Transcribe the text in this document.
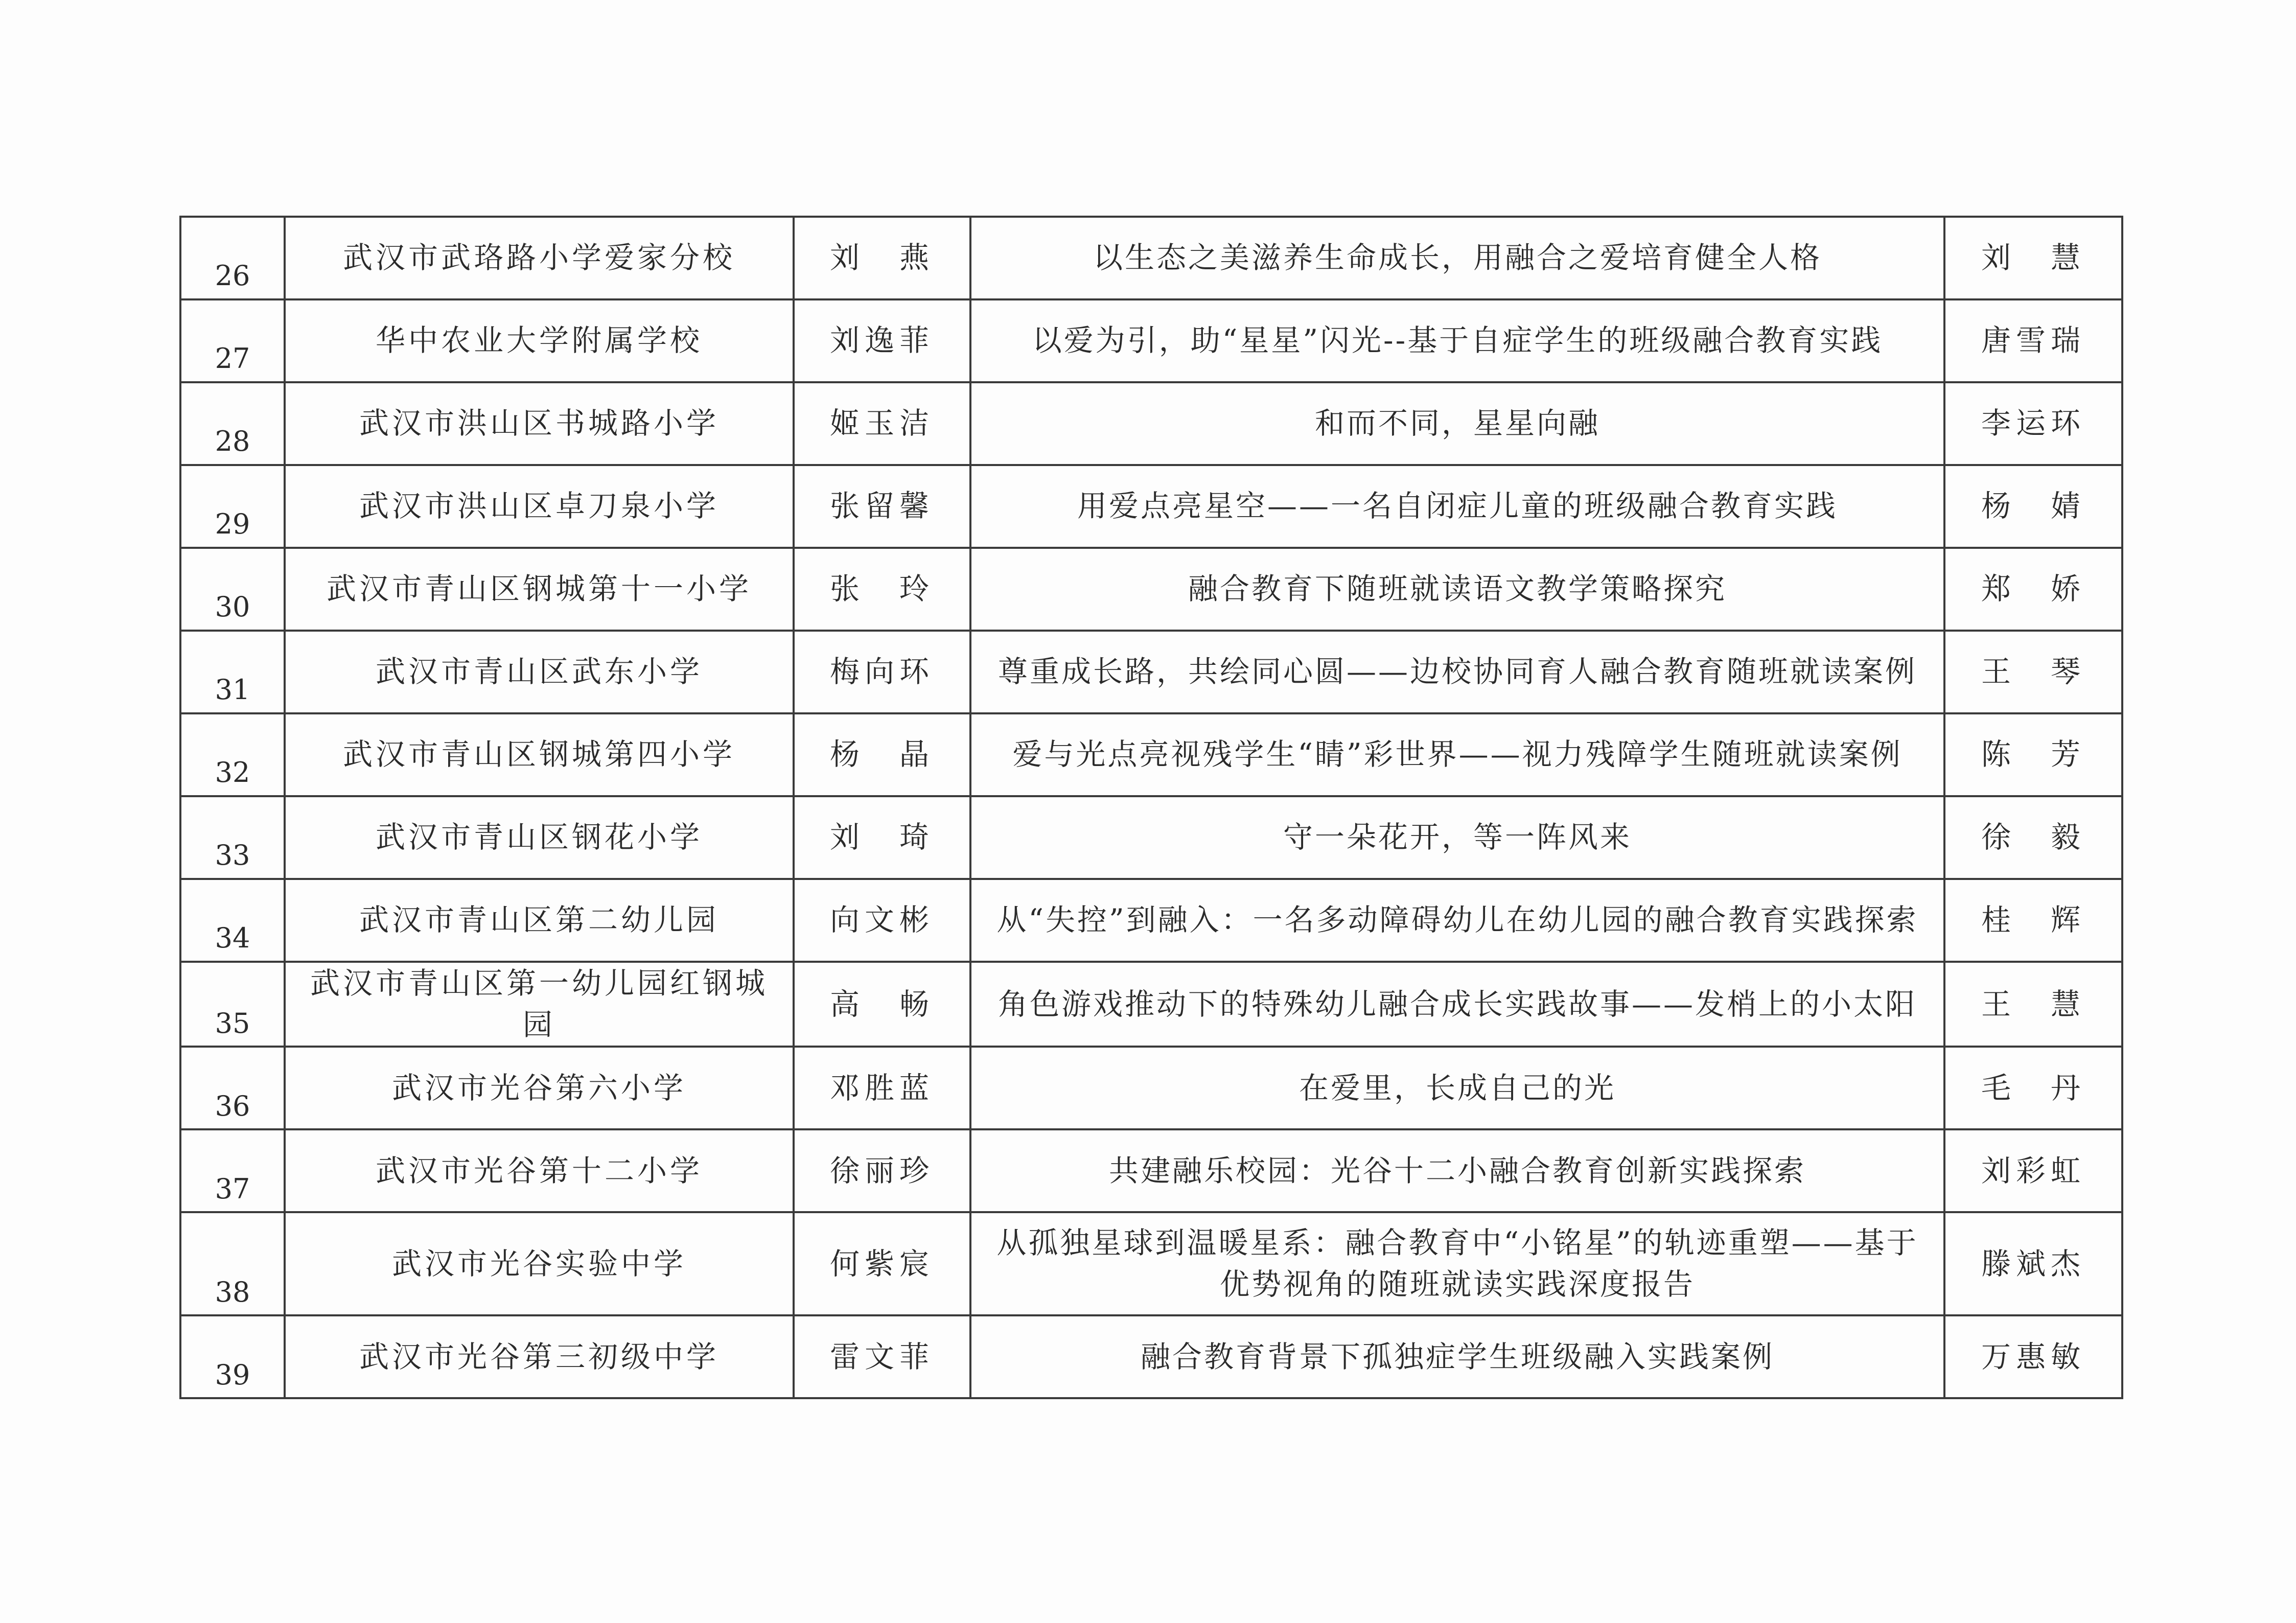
26	武汉市武珞路小学爱家分校	刘　燕	以生态之美滋养生命成长，用融合之爱培育健全人格	刘　慧
27	华中农业大学附属学校	刘逸菲	以爱为引，助“星星”闪光--基于自症学生的班级融合教育实践	唐雪瑞
28	武汉市洪山区书城路小学	姬玉洁	和而不同，星星向融	李运环
29	武汉市洪山区卓刀泉小学	张留馨	用爱点亮星空——一名自闭症儿童的班级融合教育实践	杨　婧
30	武汉市青山区钢城第十一小学	张　玲	融合教育下随班就读语文教学策略探究	郑　娇
31	武汉市青山区武东小学	梅向环	尊重成长路，共绘同心圆——边校协同育人融合教育随班就读案例	王　琴
32	武汉市青山区钢城第四小学	杨　晶	爱与光点亮视残学生“睛”彩世界——视力残障学生随班就读案例	陈　芳
33	武汉市青山区钢花小学	刘　琦	守一朵花开，等一阵风来	徐　毅
34	武汉市青山区第二幼儿园	向文彬	从“失控”到融入：一名多动障碍幼儿在幼儿园的融合教育实践探索	桂　辉
35	武汉市青山区第一幼儿园红钢城园	高　畅	角色游戏推动下的特殊幼儿融合成长实践故事——发梢上的小太阳	王　慧
36	武汉市光谷第六小学	邓胜蓝	在爱里，长成自己的光	毛　丹
37	武汉市光谷第十二小学	徐丽珍	共建融乐校园：光谷十二小融合教育创新实践探索	刘彩虹
38	武汉市光谷实验中学	何紫宸	从孤独星球到温暖星系：融合教育中“小铭星”的轨迹重塑——基于优势视角的随班就读实践深度报告	滕斌杰
39	武汉市光谷第三初级中学	雷文菲	融合教育背景下孤独症学生班级融入实践案例	万惠敏
